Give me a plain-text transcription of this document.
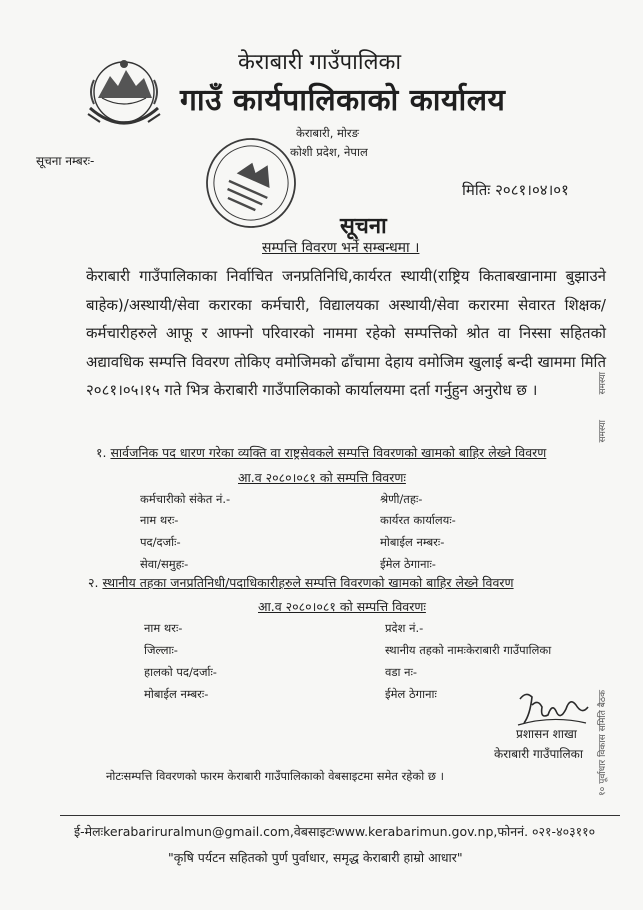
केराबारी गाउँपालिका
गाउँ कार्यपालिकाको कार्यालय
केराबारी, मोरङ
कोशी प्रदेश, नेपाल
सूचना नम्बरः-
मितिः २०८१।०४।०१
सूचना
सम्पत्ति विवरण भर्ने सम्बन्धमा ।
केराबारी गाउँपालिकाका निर्वाचित जनप्रतिनिधि,कार्यरत स्थायी(राष्ट्रिय किताबखानामा बुझाउने बाहेक)/अस्थायी/सेवा करारका कर्मचारी, विद्यालयका अस्थायी/सेवा करारमा सेवारत शिक्षक/कर्मचारीहरुले आफू र आफ्नो परिवारको नाममा रहेको सम्पत्तिको श्रोत वा निस्सा सहितको अद्यावधिक सम्पत्ति विवरण तोकिए वमोजिमको ढाँचामा देहाय वमोजिम खुलाई बन्दी खाममा मिति २०८१।०५।१५ गते भित्र केराबारी गाउँपालिकाको कार्यालयमा दर्ता गर्नुहुन अनुरोध छ ।
१. सार्वजनिक पद धारण गरेका व्यक्ति वा राष्ट्रसेवकले सम्पत्ति विवरणको खामको बाहिर लेख्ने विवरण
आ.व २०८०।०८१ को सम्पत्ति विवरणः
कर्मचारीको संकेत नं.-
नाम थरः-
पद/दर्जाः-
सेवा/समुहः-
श्रेणी/तहः-
कार्यरत कार्यालयः-
मोबाईल नम्बरः-
ईमेल ठेगानाः-
२. स्थानीय तहका जनप्रतिनिधी/पदाधिकारीहरुले सम्पत्ति विवरणको खामको बाहिर लेख्ने विवरण
आ.व २०८०।०८१ को सम्पत्ति विवरणः
नाम थरः-
जिल्लाः-
हालको पद/दर्जाः-
मोबाईल नम्बरः-
प्रदेश नं.-
स्थानीय तहको नामःकेराबारी गाउँपालिका
वडा नः-
ईमेल ठेगानाः
प्रशासन शाखा
केराबारी गाउँपालिका
नोटःसम्पत्ति विवरणको फारम केराबारी गाउँपालिकाको वेबसाइटमा समेत रहेको छ ।
ई-मेलःkerabariruralmun@gmail.com,वेबसाइटःwww.kerabarimun.gov.np,फोननं. ०२१-४०३११०
"कृषि पर्यटन सहितको पुर्ण पुर्वाधार, समृद्ध केराबारी हाम्रो आधार"
समस्या
समस्या
१० पूर्वाधार विकास समिति बैठक
